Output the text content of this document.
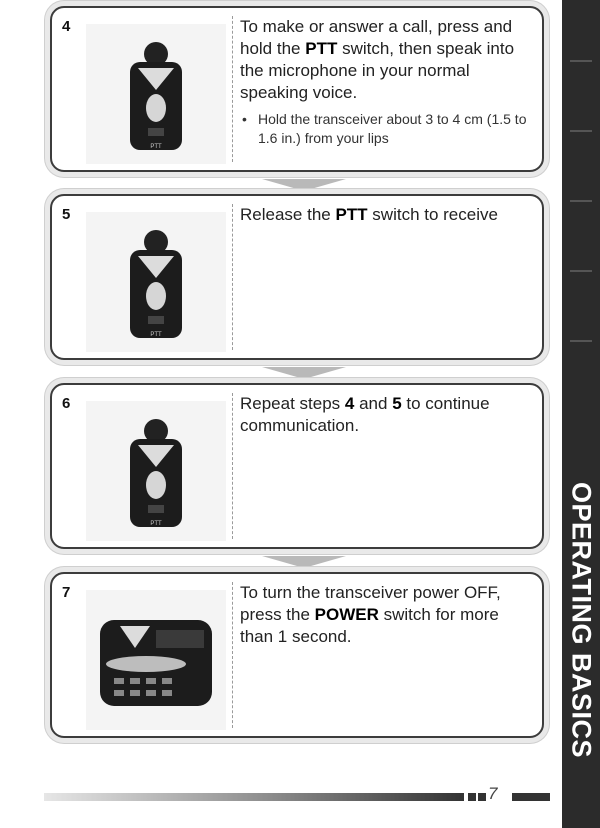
4
PTT
To make or answer a call, press and hold the PTT switch, then speak into the microphone in your normal speaking voice.
• Hold the transceiver about 3 to 4 cm (1.5 to 1.6 in.) from your lips
5
PTT
Release the PTT switch to receive
6
PTT
Repeat steps 4 and 5 to continue communication.
7	To turn the transceiver power OFF, press the POWER switch for more than 1 second.	OPERATING BASICS
7
